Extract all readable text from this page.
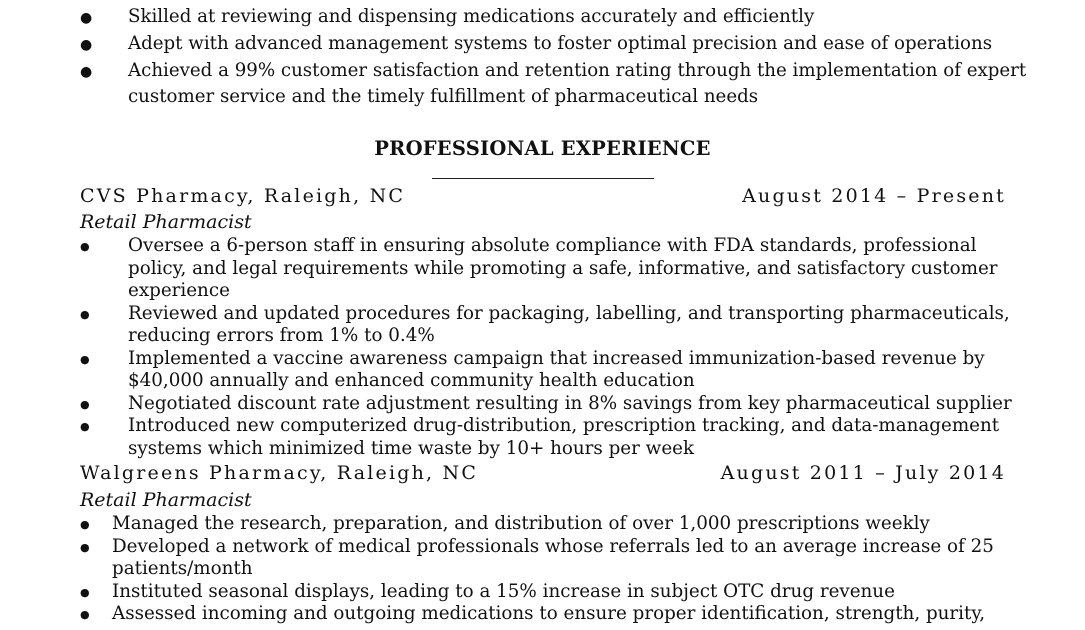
● Skilled at reviewing and dispensing medications accurately and efficiently
● Adept with advanced management systems to foster optimal precision and ease of operations
● Achieved a 99% customer satisfaction and retention rating through the implementation of expert customer service and the timely fulfillment of pharmaceutical needs
PROFESSIONAL EXPERIENCE
CVS Pharmacy, Raleigh, NC	August 2014 – Present
Retail Pharmacist
● Oversee a 6-person staff in ensuring absolute compliance with FDA standards, professional policy, and legal requirements while promoting a safe, informative, and satisfactory customer experience
● Reviewed and updated procedures for packaging, labelling, and transporting pharmaceuticals, reducing errors from 1% to 0.4%
● Implemented a vaccine awareness campaign that increased immunization-based revenue by $40,000 annually and enhanced community health education
● Negotiated discount rate adjustment resulting in 8% savings from key pharmaceutical supplier
● Introduced new computerized drug-distribution, prescription tracking, and data-management systems which minimized time waste by 10+ hours per week
Walgreens Pharmacy, Raleigh, NC	August 2011 – July 2014
Retail Pharmacist
● Managed the research, preparation, and distribution of over 1,000 prescriptions weekly
● Developed a network of medical professionals whose referrals led to an average increase of 25 patients/month
● Instituted seasonal displays, leading to a 15% increase in subject OTC drug revenue
● Assessed incoming and outgoing medications to ensure proper identification, strength, purity,
